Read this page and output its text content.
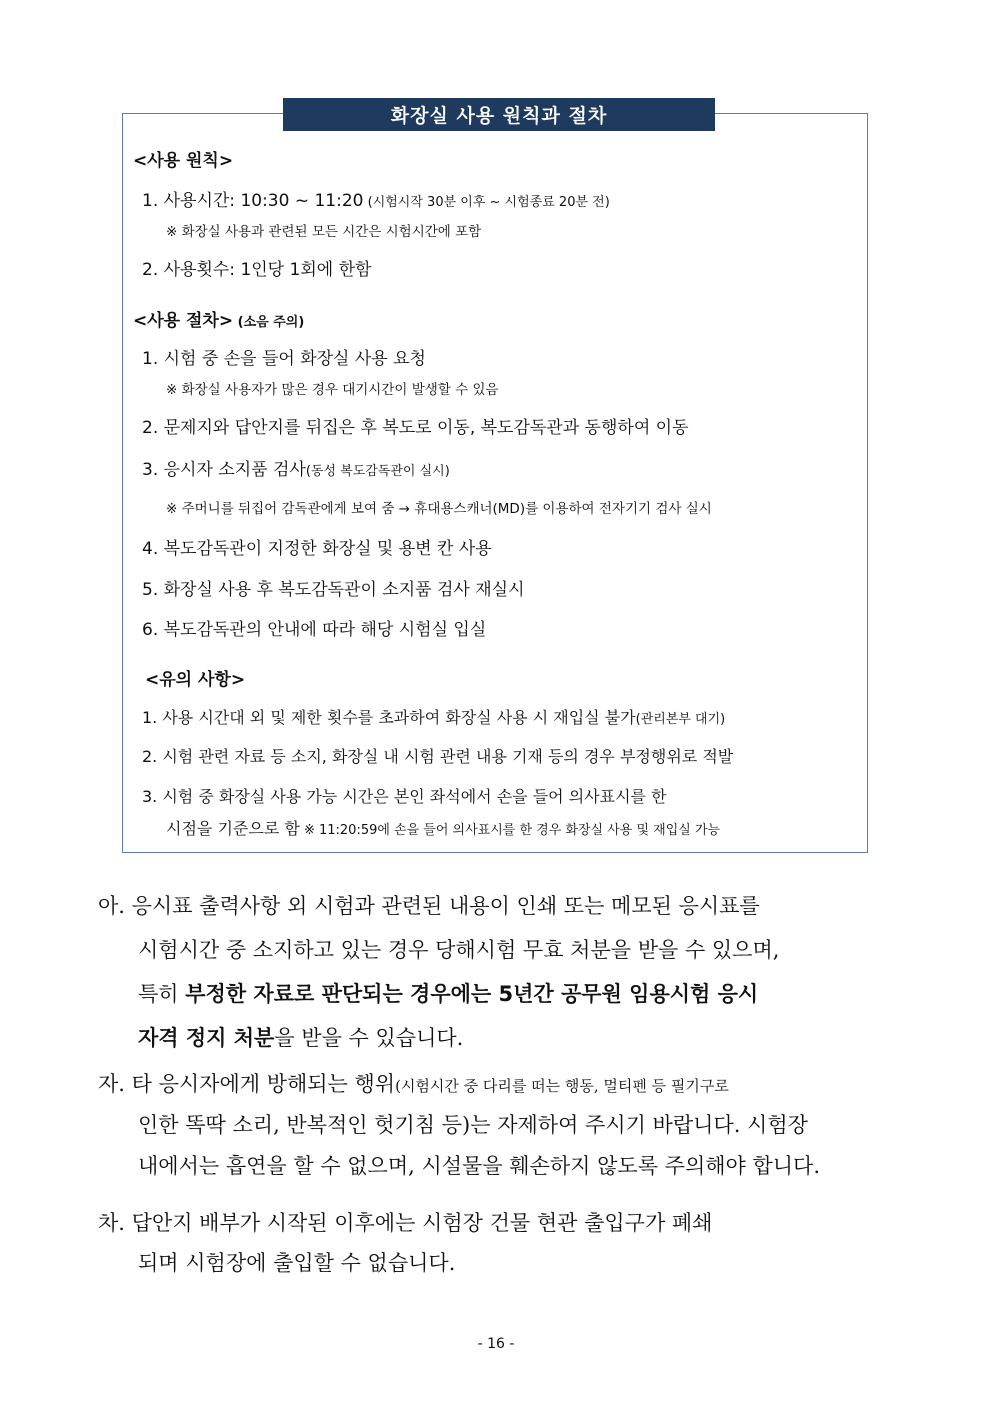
화장실 사용 원칙과 절차
<사용 원칙>
1. 사용시간: 10:30 ~ 11:20 (시험시작 30분 이후 ~ 시험종료 20분 전)
※ 화장실 사용과 관련된 모든 시간은 시험시간에 포함
2. 사용횟수: 1인당 1회에 한함
<사용 절차> (소음 주의)
1. 시험 중 손을 들어 화장실 사용 요청
※ 화장실 사용자가 많은 경우 대기시간이 발생할 수 있음
2. 문제지와 답안지를 뒤집은 후 복도로 이동, 복도감독관과 동행하여 이동
3. 응시자 소지품 검사(동성 복도감독관이 실시)
※ 주머니를 뒤집어 감독관에게 보여 줌 → 휴대용스캐너(MD)를 이용하여 전자기기 검사 실시
4. 복도감독관이 지정한 화장실 및 용변 칸 사용
5. 화장실 사용 후 복도감독관이 소지품 검사 재실시
6. 복도감독관의 안내에 따라 해당 시험실 입실
<유의 사항>
1. 사용 시간대 외 및 제한 횟수를 초과하여 화장실 사용 시 재입실 불가(관리본부 대기)
2. 시험 관련 자료 등 소지, 화장실 내 시험 관련 내용 기재 등의 경우 부정행위로 적발
3. 시험 중 화장실 사용 가능 시간은 본인 좌석에서 손을 들어 의사표시를 한
시점을 기준으로 함 ※ 11:20:59에 손을 들어 의사표시를 한 경우 화장실 사용 및 재입실 가능
아. 응시표 출력사항 외 시험과 관련된 내용이 인쇄 또는 메모된 응시표를
시험시간 중 소지하고 있는 경우 당해시험 무효 처분을 받을 수 있으며,
특히 부정한 자료로 판단되는 경우에는 5년간 공무원 임용시험 응시
자격 정지 처분을 받을 수 있습니다.
자. 타 응시자에게 방해되는 행위(시험시간 중 다리를 떠는 행동, 멀티펜 등 필기구로
인한 똑딱 소리, 반복적인 헛기침 등)는 자제하여 주시기 바랍니다. 시험장
내에서는 흡연을 할 수 없으며, 시설물을 훼손하지 않도록 주의해야 합니다.
차. 답안지 배부가 시작된 이후에는 시험장 건물 현관 출입구가 폐쇄
되며 시험장에 출입할 수 없습니다.
- 16 -
